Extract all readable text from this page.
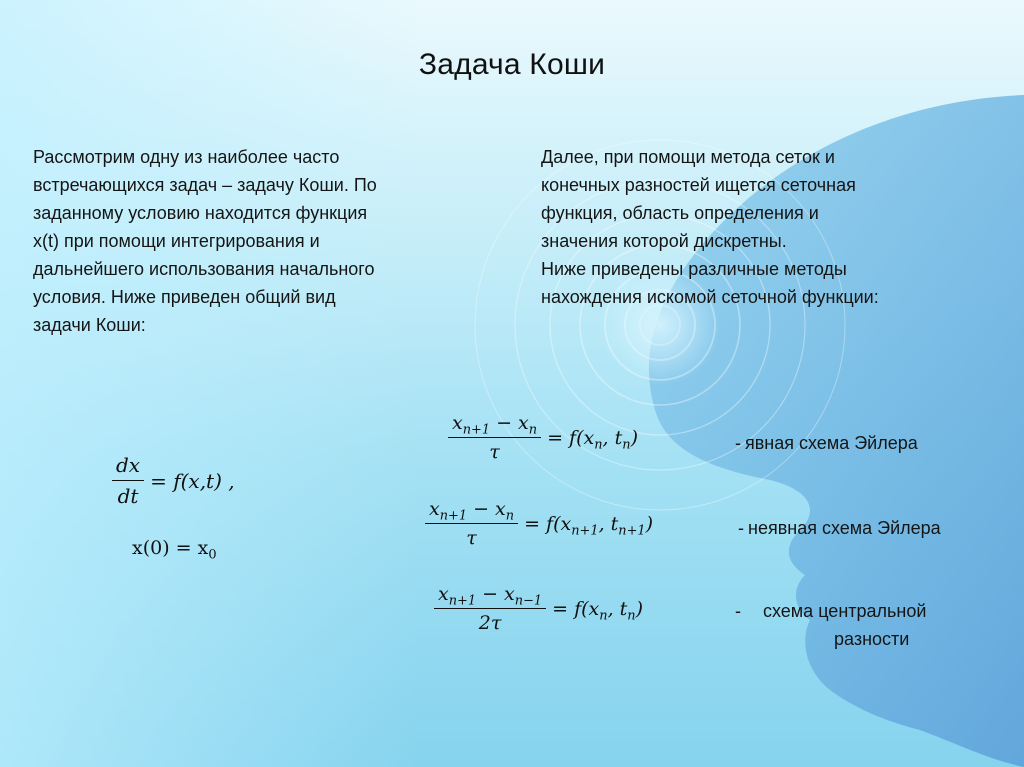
Задача Коши

Рассмотрим одну из наиболее часто

встречающихся задач – задачу Коши. По

заданному условию находится функция

x(t) при помощи интегрирования и

дальнейшего использования начального

условия. Ниже приведен общий вид

задачи Коши:

Далее, при помощи метода сеток и

конечных разностей ищется сеточная

функция, область определения и

значения которой дискретны.

Ниже приведены различные методы

нахождения искомой сеточной функции:

$\frac{dx}{dt} = f(x,t)$ ,
$x(0) = x_0$
$\frac{x_{n+1} - x_n}{\tau} = f(x_n$, $t_n$)	- явная схема Эйлера
$\frac{x_{n+1} - x_n}{\tau} = f(x_{n+1}$, $t_{n+1}$)	- неявная схема Эйлера
$\frac{x_{n+1} - x_{n-1}}{2\tau} = f(x_n$, $t_n$)	- схема центральной
разности
